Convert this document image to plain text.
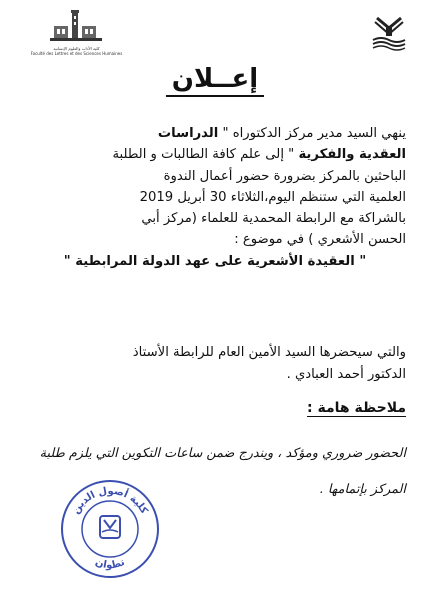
كلية الآداب والعلوم الإنسانية
Faculté des Lettres et des Sciences Humaines
إعــلان
ينهي السيد مدير مركز الدكتوراه " الدراسات
العقدية والفكرية " إلى علم كافة الطالبات و الطلبة
الباحثين بالمركز بضرورة حضور أعمال الندوة
العلمية التي ستنظم اليوم،الثلاثاء 30 أبريل 2019
بالشراكة مع الرابطة المحمدية للعلماء (مركز أبي
الحسن الأشعري ) في موضوع :
" العقيدة الأشعرية على عهد الدولة المرابطية "
والتي سيحضرها السيد الأمين العام للرابطة الأستاذ
الدكتور أحمد العبادي .
ملاحظة هامة :
الحضور ضروري ومؤكد ، ويندرج ضمن ساعات التكوين التي يلزم طلبة
المركز بإتمامها .
كلية أصول الدين
تطوان
